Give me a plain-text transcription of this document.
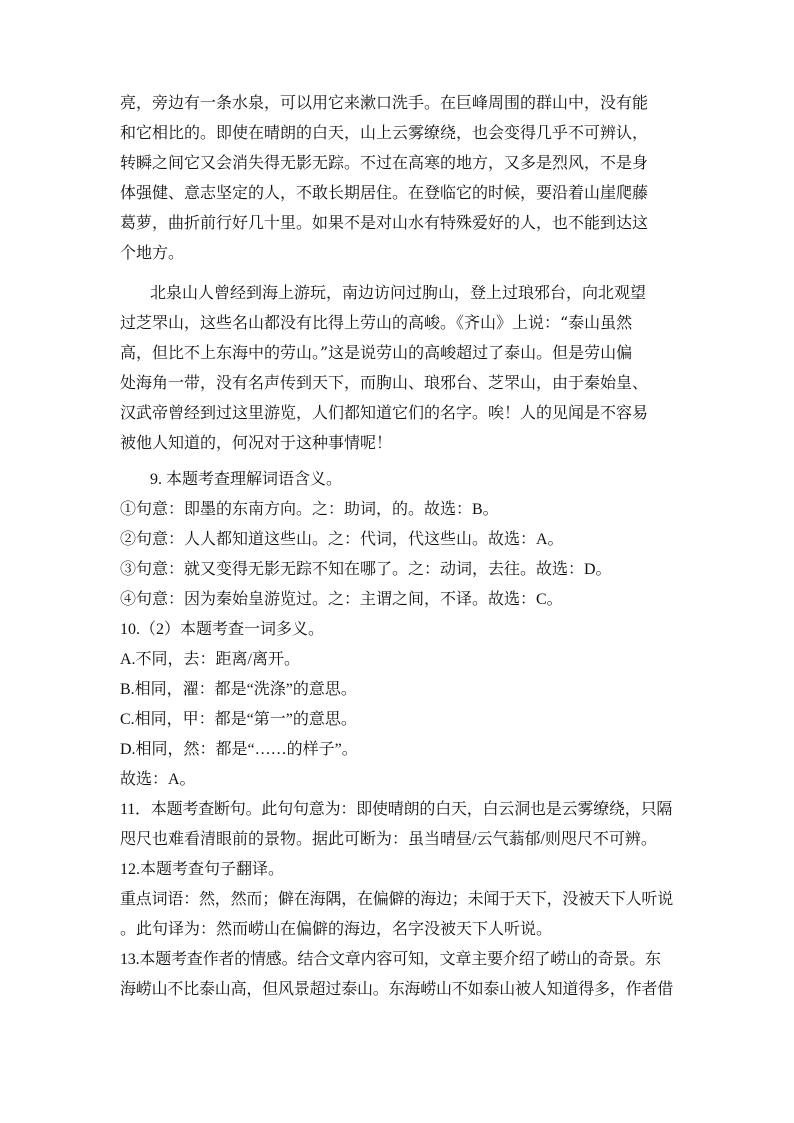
亮，旁边有一条水泉，可以用它来漱口洗手。在巨峰周围的群山中，没有能
和它相比的。即使在晴朗的白天，山上云雾缭绕，也会变得几乎不可辨认，
转瞬之间它又会消失得无影无踪。不过在高寒的地方，又多是烈风，不是身
体强健、意志坚定的人，不敢长期居住。在登临它的时候，要沿着山崖爬藤
葛萝，曲折前行好几十里。如果不是对山水有特殊爱好的人，也不能到达这
个地方。
北泉山人曾经到海上游玩，南边访问过朐山，登上过琅邪台，向北观望
过芝罘山，这些名山都没有比得上劳山的高峻。《齐山》上说：“泰山虽然
高，但比不上东海中的劳山。”这是说劳山的高峻超过了泰山。但是劳山偏
处海角一带，没有名声传到天下，而朐山、琅邪台、芝罘山，由于秦始皇、
汉武帝曾经到过这里游览，人们都知道它们的名字。唉！人的见闻是不容易
被他人知道的，何况对于这种事情呢！
9. 本题考查理解词语含义。
①句意：即墨的东南方向。之：助词，的。故选：B。
②句意：人人都知道这些山。之：代词，代这些山。故选：A。
③句意：就又变得无影无踪不知在哪了。之：动词，去往。故选：D。
④句意：因为秦始皇游览过。之：主谓之间，不译。故选：C。
10.（2）本题考查一词多义。
A.不同，去：距离/离开。
B.相同，濯：都是“洗涤”的意思。
C.相同，甲：都是“第一”的意思。
D.相同，然：都是“……的样子”。
故选：A。
11．本题考查断句。此句句意为：即使晴朗的白天，白云洞也是云雾缭绕，只隔
咫尺也难看清眼前的景物。据此可断为：虽当晴昼/云气蓊郁/则咫尺不可辨。
12.本题考查句子翻译。
重点词语：然，然而；僻在海隅，在偏僻的海边；未闻于天下，没被天下人听说
。此句译为：然而崂山在偏僻的海边，名字没被天下人听说。
13.本题考查作者的情感。结合文章内容可知，文章主要介绍了崂山的奇景。东
海崂山不比泰山高，但风景超过泰山。东海崂山不如泰山被人知道得多，作者借
